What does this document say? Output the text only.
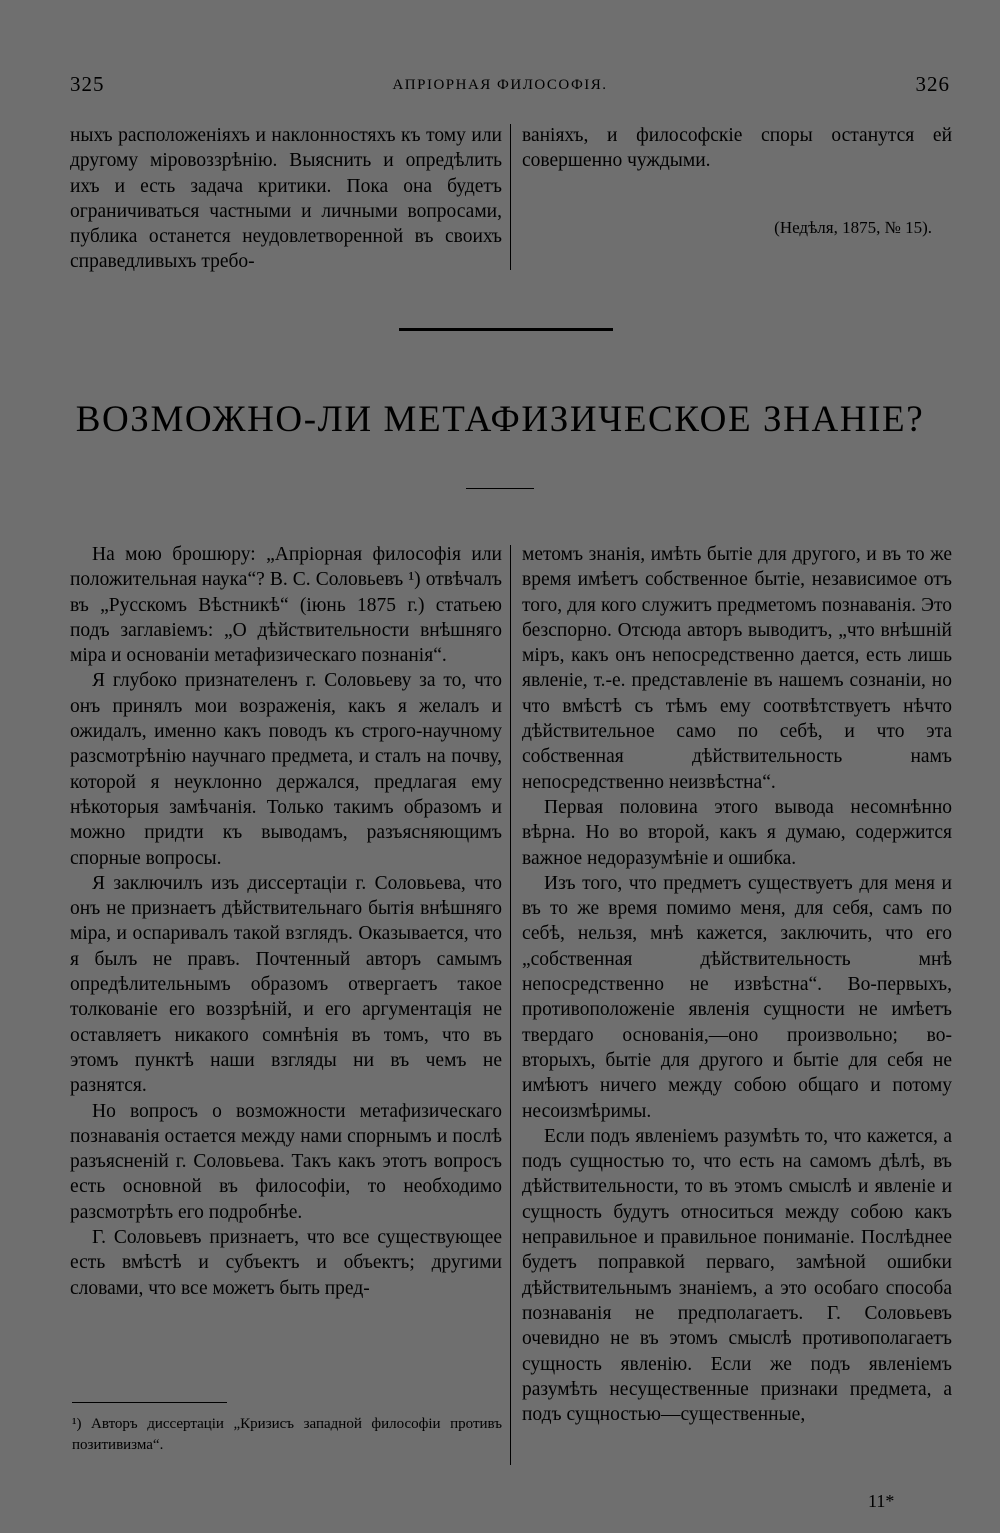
325	АПРІОРНАЯ ФИЛОСОФІЯ.	326

ныхъ расположеніяхъ и наклонностяхъ къ тому или другому міровоззрѣнію. Выяснить и опредѣлить ихъ и есть задача критики. Пока она будетъ ограничиваться частными и личными вопросами, публика останется неудовлетворенной въ своихъ справедливыхъ требо-

ваніяхъ, и философскіе споры останутся ей совершенно чуждыми.

(Недѣля, 1875, № 15).
ВОЗМОЖНО-ЛИ МЕТАФИЗИЧЕСКОЕ ЗНАНІЕ?

На мою брошюру: „Апріорная философія или положительная наука“? В. С. Соловьевъ ¹) отвѣчалъ въ „Русскомъ Вѣстникѣ“ (іюнь 1875 г.) статьею подъ заглавіемъ: „О дѣйствительности внѣшняго міра и основаніи метафизическаго познанія“.

Я глубоко признателенъ г. Соловьеву за то, что онъ принялъ мои возраженія, какъ я желалъ и ожидалъ, именно какъ поводъ къ строго-научному разсмотрѣнію научнаго предмета, и сталъ на почву, которой я неуклонно держался, предлагая ему нѣкоторыя замѣчанія. Только такимъ образомъ и можно придти къ выводамъ, разъясняющимъ спорные вопросы.

Я заключилъ изъ диссертаціи г. Соловьева, что онъ не признаетъ дѣйствительнаго бытія внѣшняго міра, и оспаривалъ такой взглядъ. Оказывается, что я былъ не правъ. Почтенный авторъ самымъ опредѣлительнымъ образомъ отвергаетъ такое толкованіе его воззрѣній, и его аргументація не оставляетъ никакого сомнѣнія въ томъ, что въ этомъ пунктѣ наши взгляды ни въ чемъ не разнятся.

Но вопросъ о возможности метафизическаго познаванія остается между нами спорнымъ и послѣ разъясненій г. Соловьева. Такъ какъ этотъ вопросъ есть основной въ философіи, то необходимо разсмотрѣть его подробнѣе.

Г. Соловьевъ признаетъ, что все существующее есть вмѣстѣ и субъектъ и объектъ; другими словами, что все можетъ быть пред-

метомъ знанія, имѣть бытіе для другого, и въ то же время имѣетъ собственное бытіе, независимое отъ того, для кого служитъ предметомъ познаванія. Это безспорно. Отсюда авторъ выводитъ, „что внѣшній міръ, какъ онъ непосредственно дается, есть лишь явленіе, т.-е. представленіе въ нашемъ сознаніи, но что вмѣстѣ съ тѣмъ ему соотвѣтствуетъ нѣчто дѣйствительное само по себѣ, и что эта собственная дѣйствительность намъ непосредственно неизвѣстна“.

Первая половина этого вывода несомнѣнно вѣрна. Но во второй, какъ я думаю, содержится важное недоразумѣніе и ошибка.

Изъ того, что предметъ существуетъ для меня и въ то же время помимо меня, для себя, самъ по себѣ, нельзя, мнѣ кажется, заключить, что его „собственная дѣйствительность мнѣ непосредственно не извѣстна“. Во-первыхъ, противоположеніе явленія сущности не имѣетъ твердаго основанія,—оно произвольно; во-вторыхъ, бытіе для другого и бытіе для себя не имѣютъ ничего между собою общаго и потому несоизмѣримы.

Если подъ явленіемъ разумѣть то, что кажется, а подъ сущностью то, что есть на самомъ дѣлѣ, въ дѣйствительности, то въ этомъ смыслѣ и явленіе и сущность будутъ относиться между собою какъ неправильное и правильное пониманіе. Послѣднее будетъ поправкой перваго, замѣной ошибки дѣйствительнымъ знаніемъ, а это особаго способа познаванія не предполагаетъ. Г. Соловьевъ очевидно не въ этомъ смыслѣ противополагаетъ сущность явленію. Если же подъ явленіемъ разумѣть несущественные признаки предмета, а подъ сущностью—существенные,

¹) Авторъ диссертаціи „Кризисъ западной философіи противъ позитивизма“.
11*
